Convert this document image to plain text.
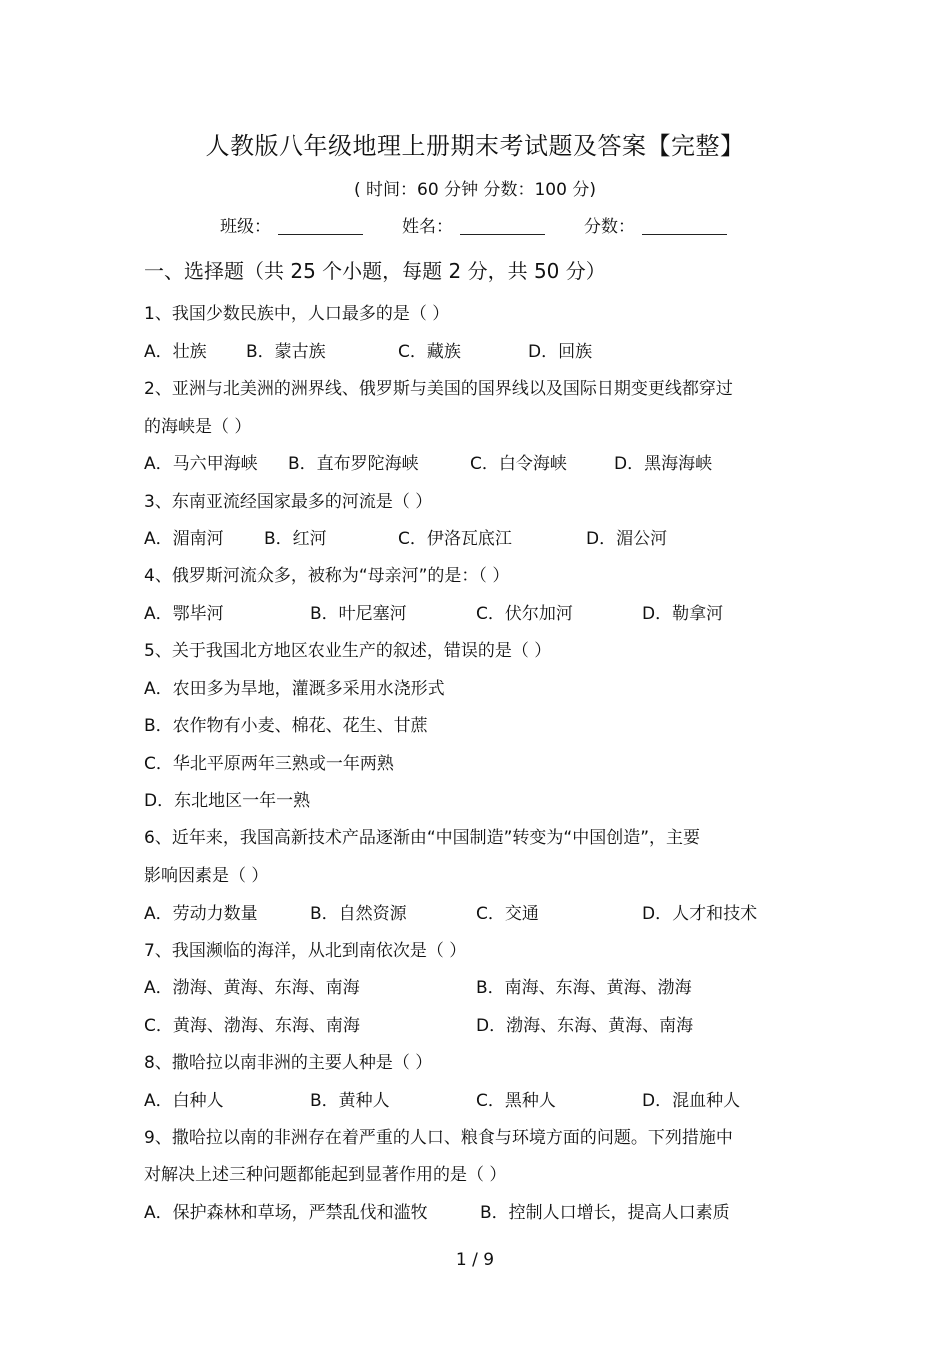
人教版八年级地理上册期末考试题及答案【完整】
( 时间：60 分钟 分数：100 分)
班级：	姓名：	分数：
一、选择题（共 25 个小题，每题 2 分，共 50 分）
1、我国少数民族中，人口最多的是（ ）
A．壮族 B．蒙古族	C．藏族	D．回族
2、亚洲与北美洲的洲界线、俄罗斯与美国的国界线以及国际日期变更线都穿过
的海峡是（ ）
A．马六甲海峡 B．直布罗陀海峡	C．白令海峡	D．黑海海峡
3、东南亚流经国家最多的河流是（ ）
A．湄南河 B．红河	C．伊洛瓦底江	D．湄公河
4、俄罗斯河流众多，被称为“母亲河”的是：（ ）
A．鄂毕河	B．叶尼塞河	C．伏尔加河	D．勒拿河
5、关于我国北方地区农业生产的叙述，错误的是（ ）
A．农田多为旱地，灌溉多采用水浇形式
B．农作物有小麦、棉花、花生、甘蔗
C．华北平原两年三熟或一年两熟
D．东北地区一年一熟
6、近年来，我国高新技术产品逐渐由“中国制造”转变为“中国创造”，主要
影响因素是（ ）
A．劳动力数量	B．自然资源	C．交通	D．人才和技术
7、我国濒临的海洋，从北到南依次是（ ）
A．渤海、黄海、东海、南海	B．南海、东海、黄海、渤海
C．黄海、渤海、东海、南海	D．渤海、东海、黄海、南海
8、撒哈拉以南非洲的主要人种是（ ）
A．白种人	B．黄种人	C．黑种人	D．混血种人
9、撒哈拉以南的非洲存在着严重的人口、粮食与环境方面的问题。下列措施中
对解决上述三种问题都能起到显著作用的是（ ）
A．保护森林和草场，严禁乱伐和滥牧	B．控制人口增长，提高人口素质
1 / 9
